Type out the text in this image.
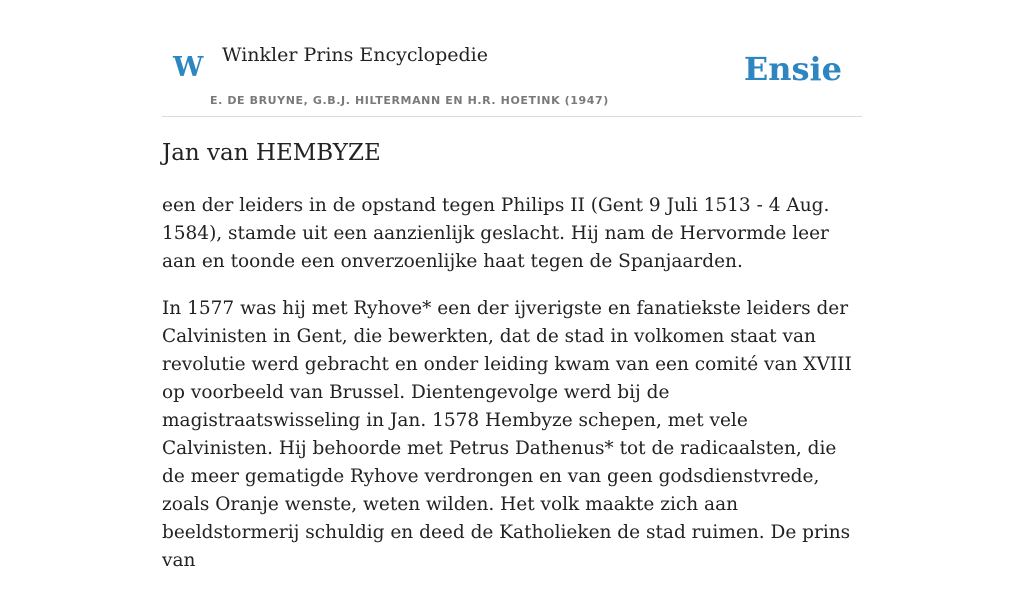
W Winkler Prins Encyclopedie
E. DE BRUYNE, G.B.J. HILTERMANN EN H.R. HOETINK (1947)
Ensie
Jan van HEMBYZE

een der leiders in de opstand tegen Philips II (Gent 9 Juli 1513 - 4 Aug. 1584), stamde uit een aanzienlijk geslacht. Hij nam de Hervormde leer aan en toonde een onverzoenlijke haat tegen de Spanjaarden.

In 1577 was hij met Ryhove* een der ijverigste en fanatiekste leiders der Calvinisten in Gent, die bewerkten, dat de stad in volkomen staat van revolutie werd gebracht en onder leiding kwam van een comité van XVIII op voorbeeld van Brussel. Dientengevolge werd bij de magistraatswisseling in Jan. 1578 Hembyze schepen, met vele Calvinisten. Hij behoorde met Petrus Dathenus* tot de radicaalsten, die de meer gematigde Ryhove verdrongen en van geen godsdienstvrede, zoals Oranje wenste, weten wilden. Het volk maakte zich aan beeldstormerij schuldig en deed de Katholieken de stad ruimen. De prins van
